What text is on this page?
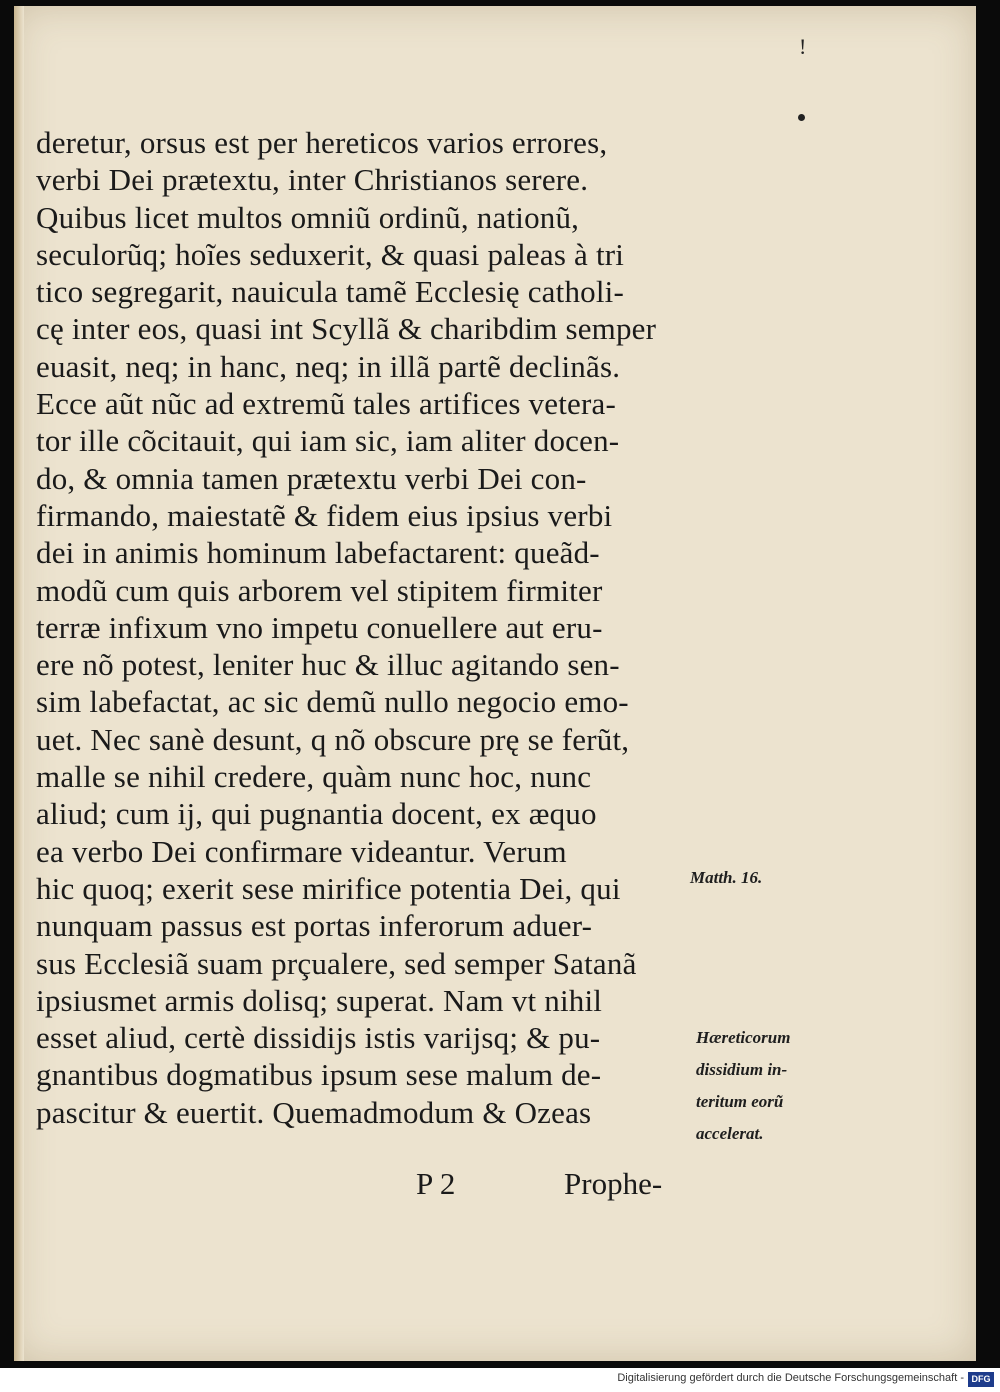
!
deretur, orsus est per hereticos varios errores,
verbi Dei prætextu, inter Christianos serere.
Quibus licet multos omniũ ordinũ, nationũ,
seculorũq; hoĩes seduxerit, & quasi paleas à tri
tico segregarit, nauicula tamẽ Ecclesię catholi-
cę inter eos, quasi int Scyllã & charibdim semper
euasit, neq; in hanc, neq; in illã partẽ declinãs.
Ecce aũt nũc ad extremũ tales artifices vetera-
tor ille cõcitauit, qui iam sic, iam aliter docen-
do, & omnia tamen prætextu verbi Dei con-
firmando, maiestatẽ & fidem eius ipsius verbi
dei in animis hominum labefactarent: queãd-
modũ cum quis arborem vel stipitem firmiter
terræ infixum vno impetu conuellere aut eru-
ere nõ potest, leniter huc & illuc agitando sen-
sim labefactat, ac sic demũ nullo negocio emo-
uet. Nec sanè desunt, q nõ obscure prę se ferũt,
malle se nihil credere, quàm nunc hoc, nunc
aliud; cum ij, qui pugnantia docent, ex æquo
ea verbo Dei confirmare videantur. Verum
hic quoq; exerit sese mirifice potentia Dei, qui
nunquam passus est portas inferorum aduer-
sus Ecclesiã suam prçualere, sed semper Satanã
ipsiusmet armis dolisq; superat. Nam vt nihil
esset aliud, certè dissidijs istis varijsq; & pu-
gnantibus dogmatibus ipsum sese malum de-
pascitur & euertit. Quemadmodum & Ozeas
Matth. 16.
Hæreticorum
dissidium in-
teritum eorũ
accelerat.
P 2	Prophe-
Digitalisierung gefördert durch die Deutsche Forschungsgemeinschaft - DFG
